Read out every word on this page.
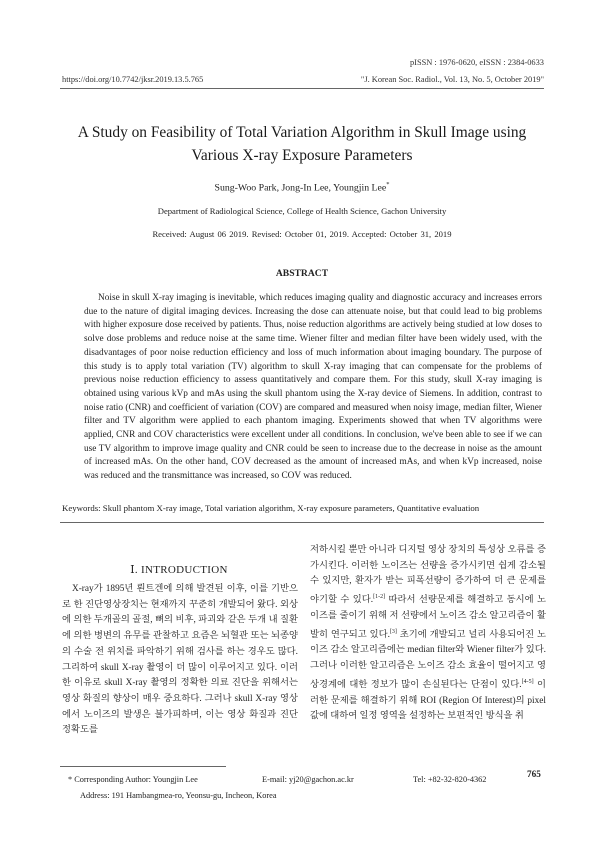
pISSN : 1976-0620, eISSN : 2384-0633
https://doi.org/10.7742/jksr.2019.13.5.765	"J. Korean Soc. Radiol., Vol. 13, No. 5, October 2019"
A Study on Feasibility of Total Variation Algorithm in Skull Image using Various X-ray Exposure Parameters
Sung-Woo Park, Jong-In Lee, Youngjin Lee*
Department of Radiological Science, College of Health Science, Gachon University
Received: August 06 2019. Revised: October 01, 2019. Accepted: October 31, 2019
ABSTRACT
Noise in skull X-ray imaging is inevitable, which reduces imaging quality and diagnostic accuracy and increases errors due to the nature of digital imaging devices. Increasing the dose can attenuate noise, but that could lead to big problems with higher exposure dose received by patients. Thus, noise reduction algorithms are actively being studied at low doses to solve dose problems and reduce noise at the same time. Wiener filter and median filter have been widely used, with the disadvantages of poor noise reduction efficiency and loss of much information about imaging boundary. The purpose of this study is to apply total variation (TV) algorithm to skull X-ray imaging that can compensate for the problems of previous noise reduction efficiency to assess quantitatively and compare them. For this study, skull X-ray imaging is obtained using various kVp and mAs using the skull phantom using the X-ray device of Siemens. In addition, contrast to noise ratio (CNR) and coefficient of variation (COV) are compared and measured when noisy image, median filter, Wiener filter and TV algorithm were applied to each phantom imaging. Experiments showed that when TV algorithms were applied, CNR and COV characteristics were excellent under all conditions. In conclusion, we've been able to see if we can use TV algorithm to improve image quality and CNR could be seen to increase due to the decrease in noise as the amount of increased mAs. On the other hand, COV decreased as the amount of increased mAs, and when kVp increased, noise was reduced and the transmittance was increased, so COV was reduced.
Keywords: Skull phantom X-ray image, Total variation algorithm, X-ray exposure parameters, Quantitative evaluation
Ⅰ. INTRODUCTION
X-ray가 1895년 뢴트겐에 의해 발견된 이후, 이를 기반으로 한 진단영상장치는 현재까지 꾸준히 개발되어 왔다. 외상에 의한 두개골의 골절, 뼈의 비후, 파괴와 같은 두개 내 질환에 의한 병변의 유무를 관찰하고 요즘은 뇌혈관 또는 뇌종양의 수술 전 위치를 파악하기 위해 검사를 하는 경우도 많다. 그리하여 skull X-ray 촬영이 더 많이 이루어지고 있다. 이러한 이유로 skull X-ray 촬영의 정확한 의료 진단을 위해서는 영상 화질의 향상이 매우 중요하다. 그러나 skull X-ray 영상에서 노이즈의 발생은 불가피하며, 이는 영상 화질과 진단 정확도를
저하시킬 뿐만 아니라 디지털 영상 장치의 특성상 오류를 증가시킨다. 이러한 노이즈는 선량을 증가시키면 쉽게 감소될 수 있지만, 환자가 받는 피폭선량이 증가하여 더 큰 문제를 야기할 수 있다.[1-2] 따라서 선량문제를 해결하고 동시에 노이즈를 줄이기 위해 저 선량에서 노이즈 감소 알고리즘이 활발히 연구되고 있다.[3] 초기에 개발되고 널리 사용되어진 노이즈 감소 알고리즘에는 median filter와 Wiener filter가 있다. 그러나 이러한 알고리즘은 노이즈 감소 효율이 떨어지고 영상경계에 대한 정보가 많이 손실된다는 단점이 있다.[4-5] 이러한 문제를 해결하기 위해 ROI (Region Of Interest)의 pixel값에 대하여 일정 영역을 설정하는 보편적인 방식을 취
* Corresponding Author: Youngjin Lee	E-mail: yj20@gachon.ac.kr	Tel: +82-32-820-4362
Address: 191 Hambangmea-ro, Yeonsu-gu, Incheon, Korea
765
